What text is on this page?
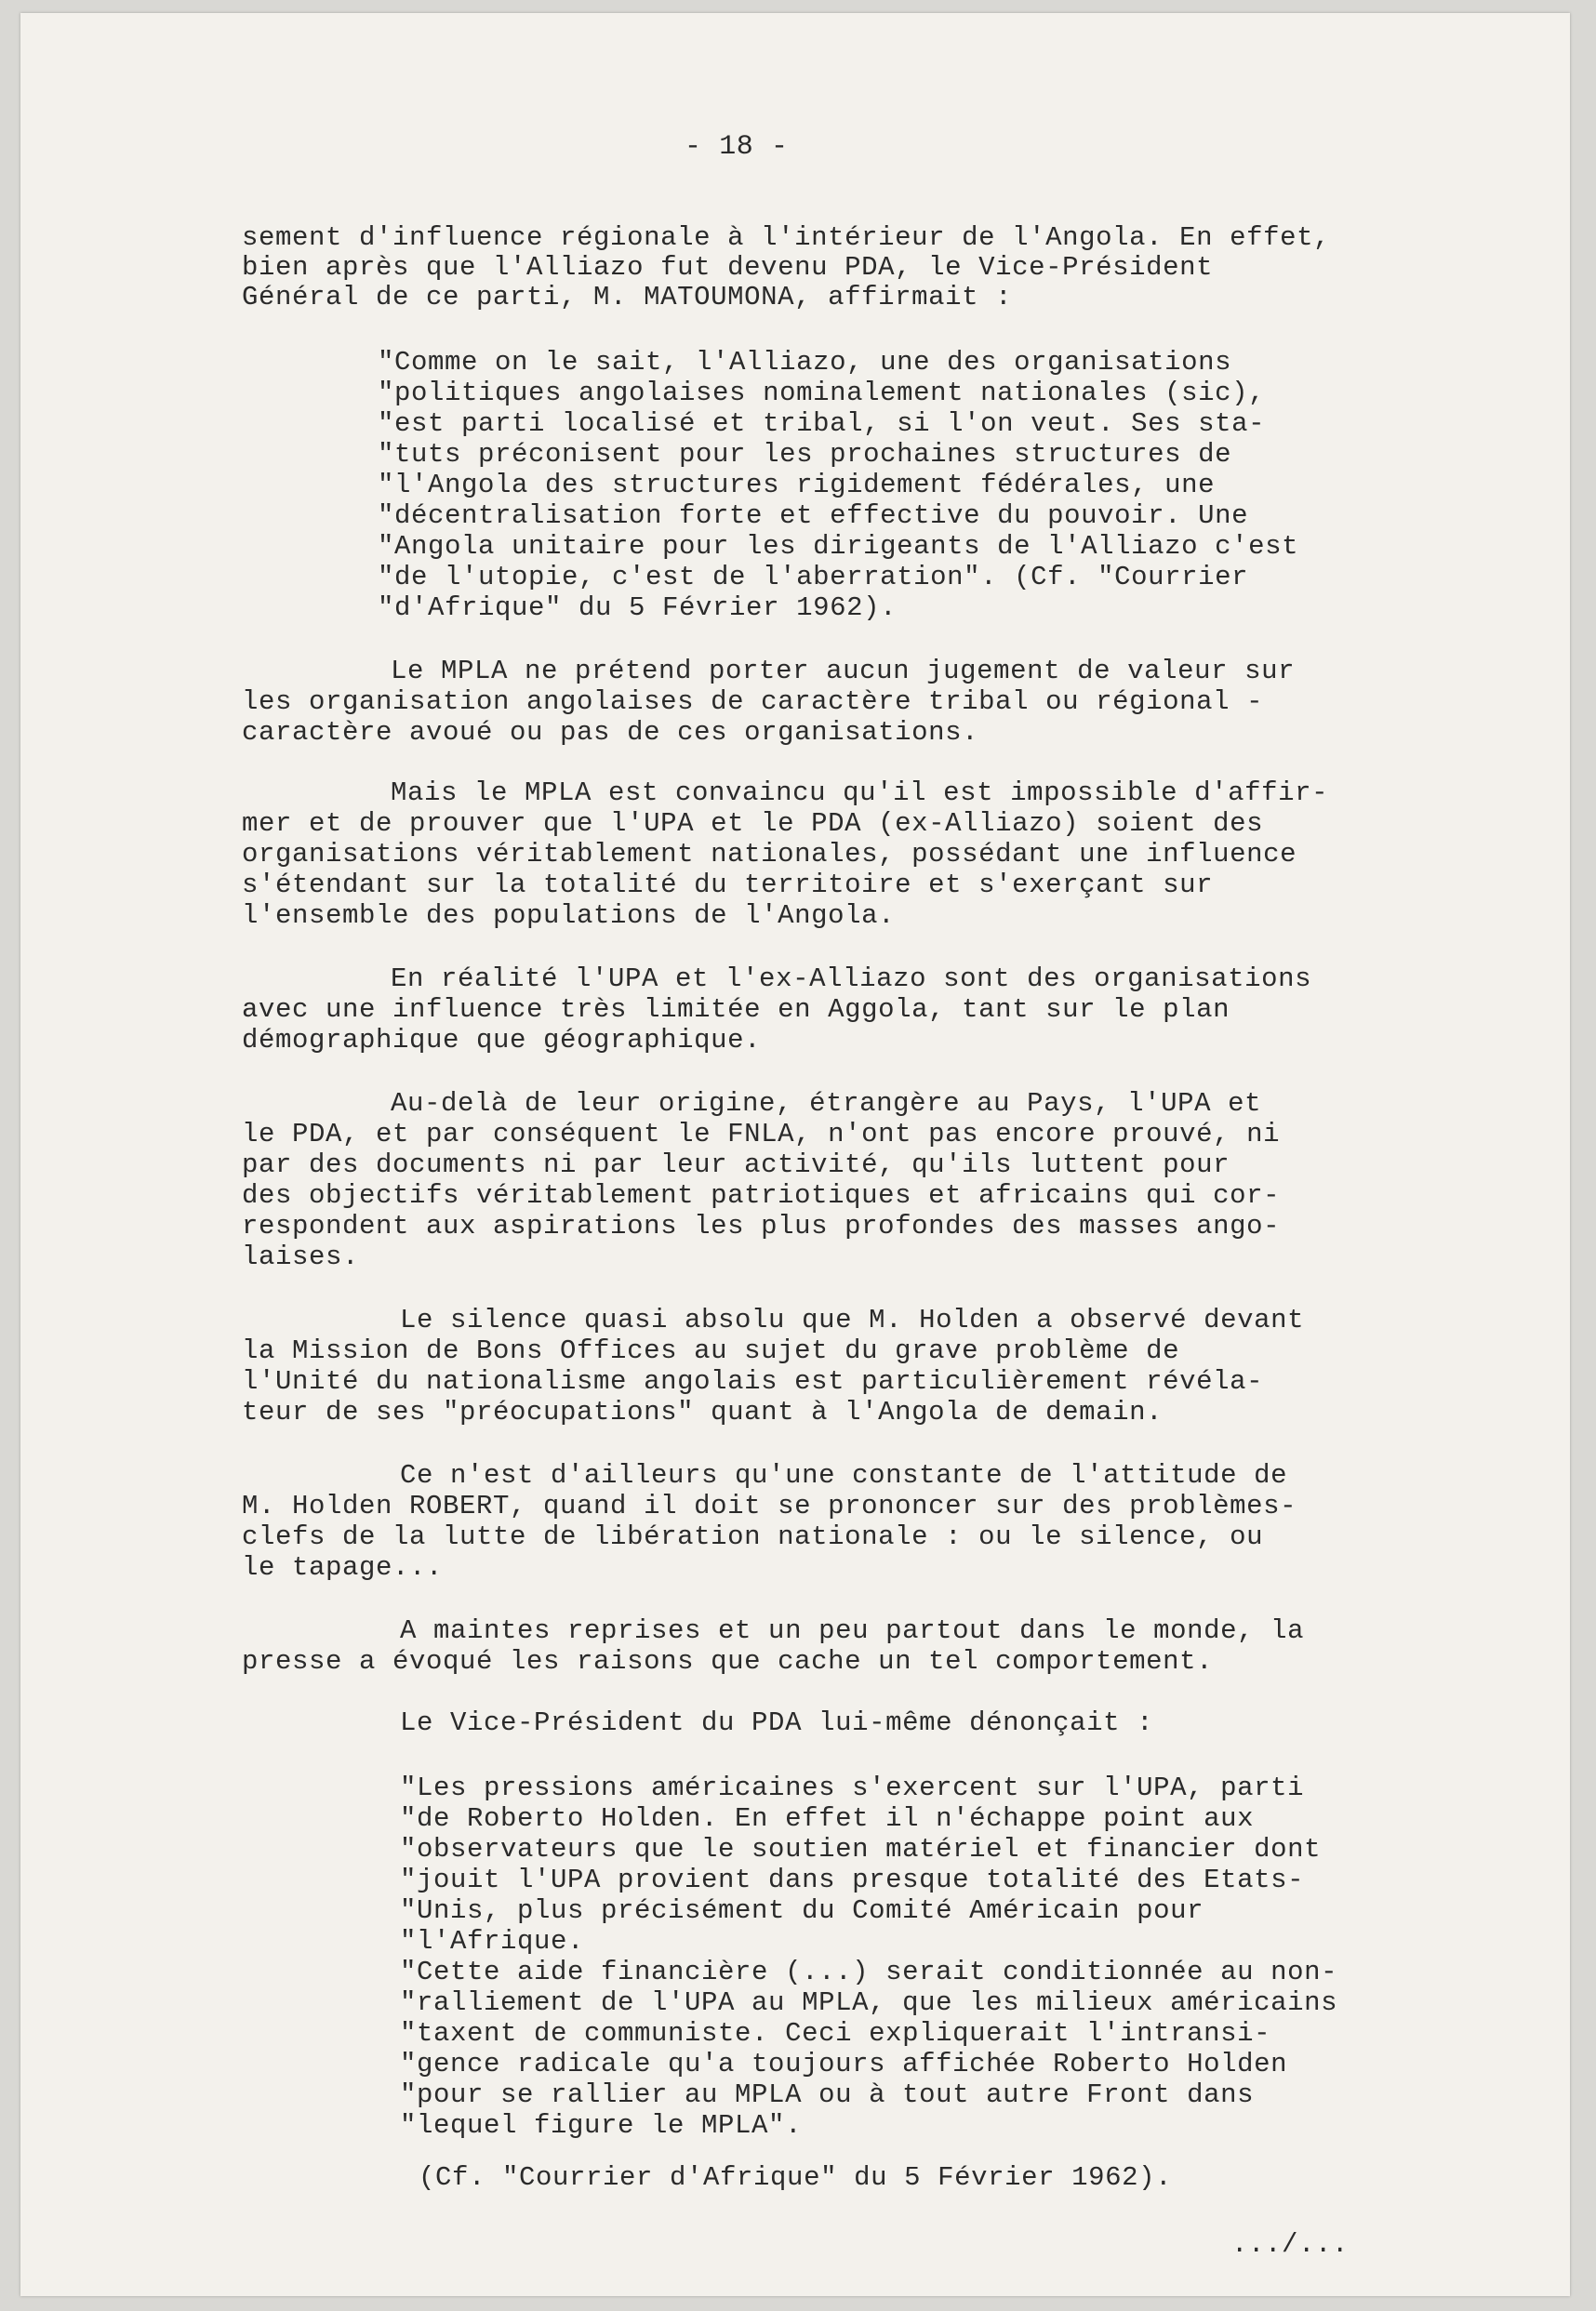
- 18 -

sement d'influence régionale à l'intérieur de l'Angola. En effet,

bien après que l'Alliazo fut devenu PDA, le Vice-Président

Général de ce parti, M. MATOUMONA, affirmait :

"Comme on le sait, l'Alliazo, une des organisations

"politiques angolaises nominalement nationales (sic),

"est parti localisé et tribal, si l'on veut. Ses sta-

"tuts préconisent pour les prochaines structures de

"l'Angola des structures rigidement fédérales, une

"décentralisation forte et effective du pouvoir. Une

"Angola unitaire pour les dirigeants de l'Alliazo c'est

"de l'utopie, c'est de l'aberration". (Cf. "Courrier

"d'Afrique" du 5 Février 1962).

Le MPLA ne prétend porter aucun jugement de valeur sur

les organisation angolaises de caractère tribal ou régional -

caractère avoué ou pas de ces organisations.

Mais le MPLA est convaincu qu'il est impossible d'affir-

mer et de prouver que l'UPA et le PDA (ex-Alliazo) soient des

organisations véritablement nationales, possédant une influence

s'étendant sur la totalité du territoire et s'exerçant sur

l'ensemble des populations de l'Angola.

En réalité l'UPA et l'ex-Alliazo sont des organisations

avec une influence très limitée en Aggola, tant sur le plan

démographique que géographique.

Au-delà de leur origine, étrangère au Pays, l'UPA et

le PDA, et par conséquent le FNLA, n'ont pas encore prouvé, ni

par des documents ni par leur activité, qu'ils luttent pour

des objectifs véritablement patriotiques et africains qui cor-

respondent aux aspirations les plus profondes des masses ango-

laises.

Le silence quasi absolu que M. Holden a observé devant

la Mission de Bons Offices au sujet du grave problème de

l'Unité du nationalisme angolais est particulièrement révéla-

teur de ses "préocupations" quant à l'Angola de demain.

Ce n'est d'ailleurs qu'une constante de l'attitude de

M. Holden ROBERT, quand il doit se prononcer sur des problèmes-

clefs de la lutte de libération nationale : ou le silence, ou

le tapage...

A maintes reprises et un peu partout dans le monde, la

presse a évoqué les raisons que cache un tel comportement.

Le Vice-Président du PDA lui-même dénonçait :

"Les pressions américaines s'exercent sur l'UPA, parti

"de Roberto Holden. En effet il n'échappe point aux

"observateurs que le soutien matériel et financier dont

"jouit l'UPA provient dans presque totalité des Etats-

"Unis, plus précisément du Comité Américain pour

"l'Afrique.

"Cette aide financière (...) serait conditionnée au non-

"ralliement de l'UPA au MPLA, que les milieux américains

"taxent de communiste. Ceci expliquerait l'intransi-

"gence radicale qu'a toujours affichée Roberto Holden

"pour se rallier au MPLA ou à tout autre Front dans

"lequel figure le MPLA".

(Cf. "Courrier d'Afrique" du 5 Février 1962).

.../...
